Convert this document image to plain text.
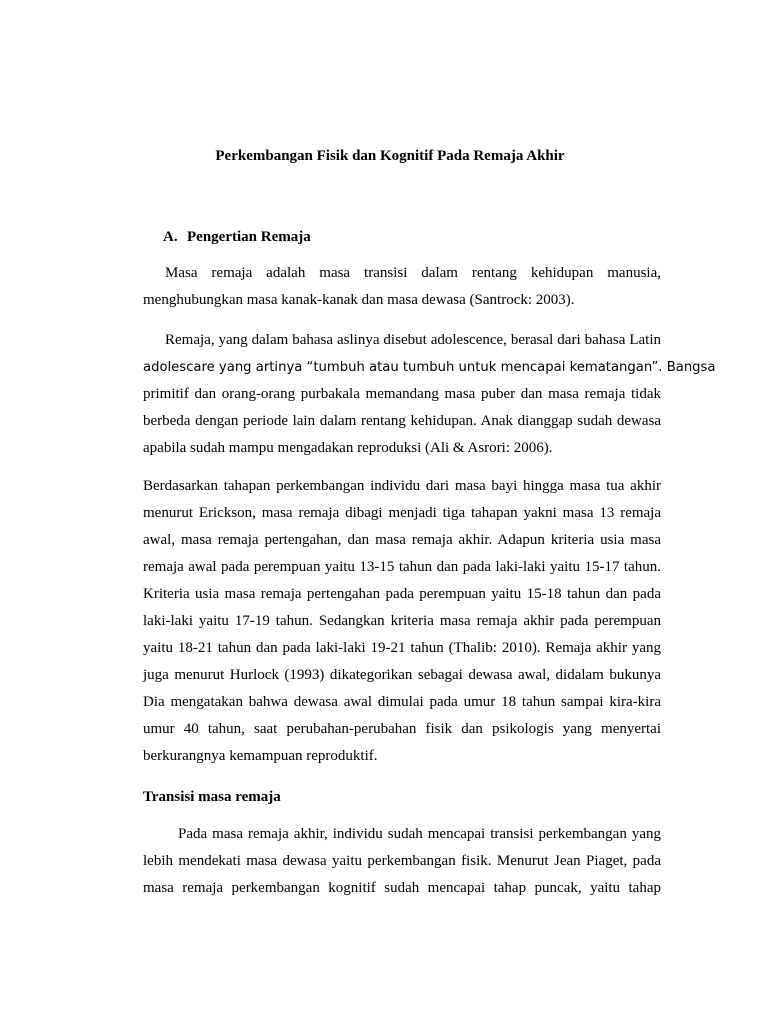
Perkembangan Fisik dan Kognitif Pada Remaja Akhir
A. Pengertian Remaja
Masa remaja adalah masa transisi dalam rentang kehidupan manusia,
menghubungkan masa kanak-kanak dan masa dewasa (Santrock: 2003).
Remaja, yang dalam bahasa aslinya disebut adolescence, berasal dari bahasa Latin
adolescare yang artinya “tumbuh atau tumbuh untuk mencapai kematangan”. Bangsa
primitif dan orang-orang purbakala memandang masa puber dan masa remaja tidak
berbeda dengan periode lain dalam rentang kehidupan. Anak dianggap sudah dewasa
apabila sudah mampu mengadakan reproduksi (Ali & Asrori: 2006).
Berdasarkan tahapan perkembangan individu dari masa bayi hingga masa tua akhir
menurut Erickson, masa remaja dibagi menjadi tiga tahapan yakni masa 13 remaja
awal, masa remaja pertengahan, dan masa remaja akhir. Adapun kriteria usia masa
remaja awal pada perempuan yaitu 13-15 tahun dan pada laki-laki yaitu 15-17 tahun.
Kriteria usia masa remaja pertengahan pada perempuan yaitu 15-18 tahun dan pada
laki-laki yaitu 17-19 tahun. Sedangkan kriteria masa remaja akhir pada perempuan
yaitu 18-21 tahun dan pada laki-laki 19-21 tahun (Thalib: 2010). Remaja akhir yang
juga menurut Hurlock (1993) dikategorikan sebagai dewasa awal, didalam bukunya
Dia mengatakan bahwa dewasa awal dimulai pada umur 18 tahun sampai kira-kira
umur 40 tahun, saat perubahan-perubahan fisik dan psikologis yang menyertai
berkurangnya kemampuan reproduktif.
Transisi masa remaja
Pada masa remaja akhir, individu sudah mencapai transisi perkembangan yang
lebih mendekati masa dewasa yaitu perkembangan fisik. Menurut Jean Piaget, pada
masa remaja perkembangan kognitif sudah mencapai tahap puncak, yaitu tahap
